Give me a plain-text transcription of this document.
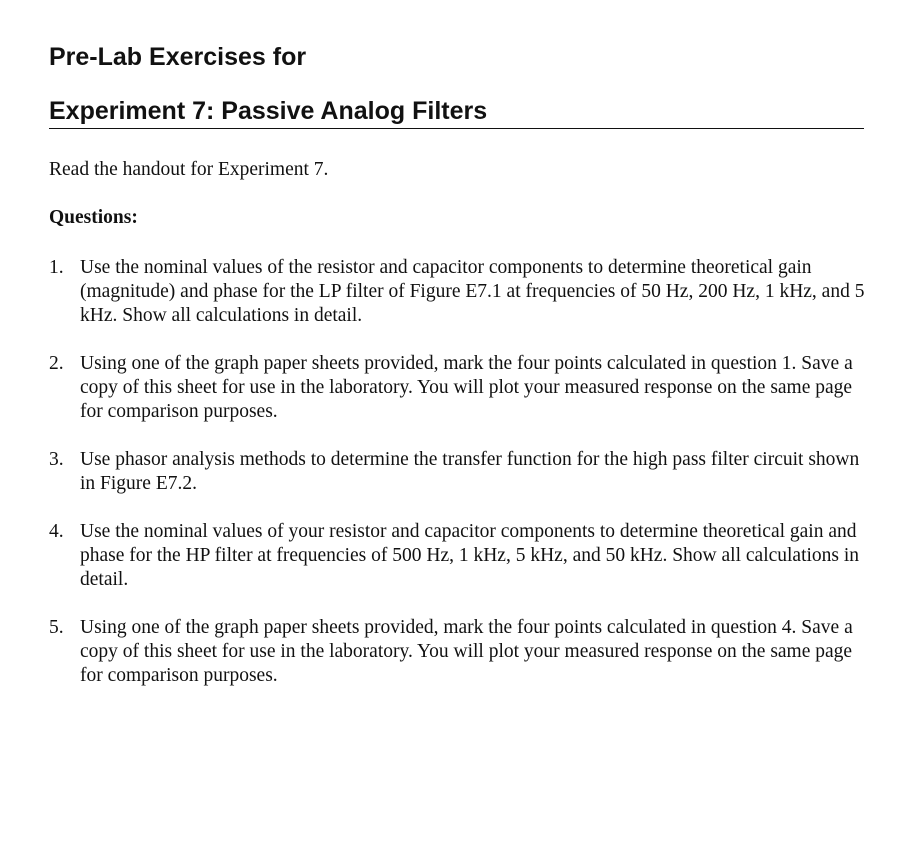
Pre-Lab Exercises for
Experiment 7: Passive Analog Filters

Read the handout for Experiment 7.

Questions:

1. Use the nominal values of the resistor and capacitor components to determine theoretical gain (magnitude) and phase for the LP filter of Figure E7.1 at frequencies of 50 Hz, 200 Hz, 1 kHz, and 5 kHz. Show all calculations in detail.
2. Using one of the graph paper sheets provided, mark the four points calculated in question 1. Save a copy of this sheet for use in the laboratory. You will plot your measured response on the same page for comparison purposes.
3. Use phasor analysis methods to determine the transfer function for the high pass filter circuit shown in Figure E7.2.
4. Use the nominal values of your resistor and capacitor components to determine theoretical gain and phase for the HP filter at frequencies of 500 Hz, 1 kHz, 5 kHz, and 50 kHz. Show all calculations in detail.
5. Using one of the graph paper sheets provided, mark the four points calculated in question 4. Save a copy of this sheet for use in the laboratory. You will plot your measured response on the same page for comparison purposes.
